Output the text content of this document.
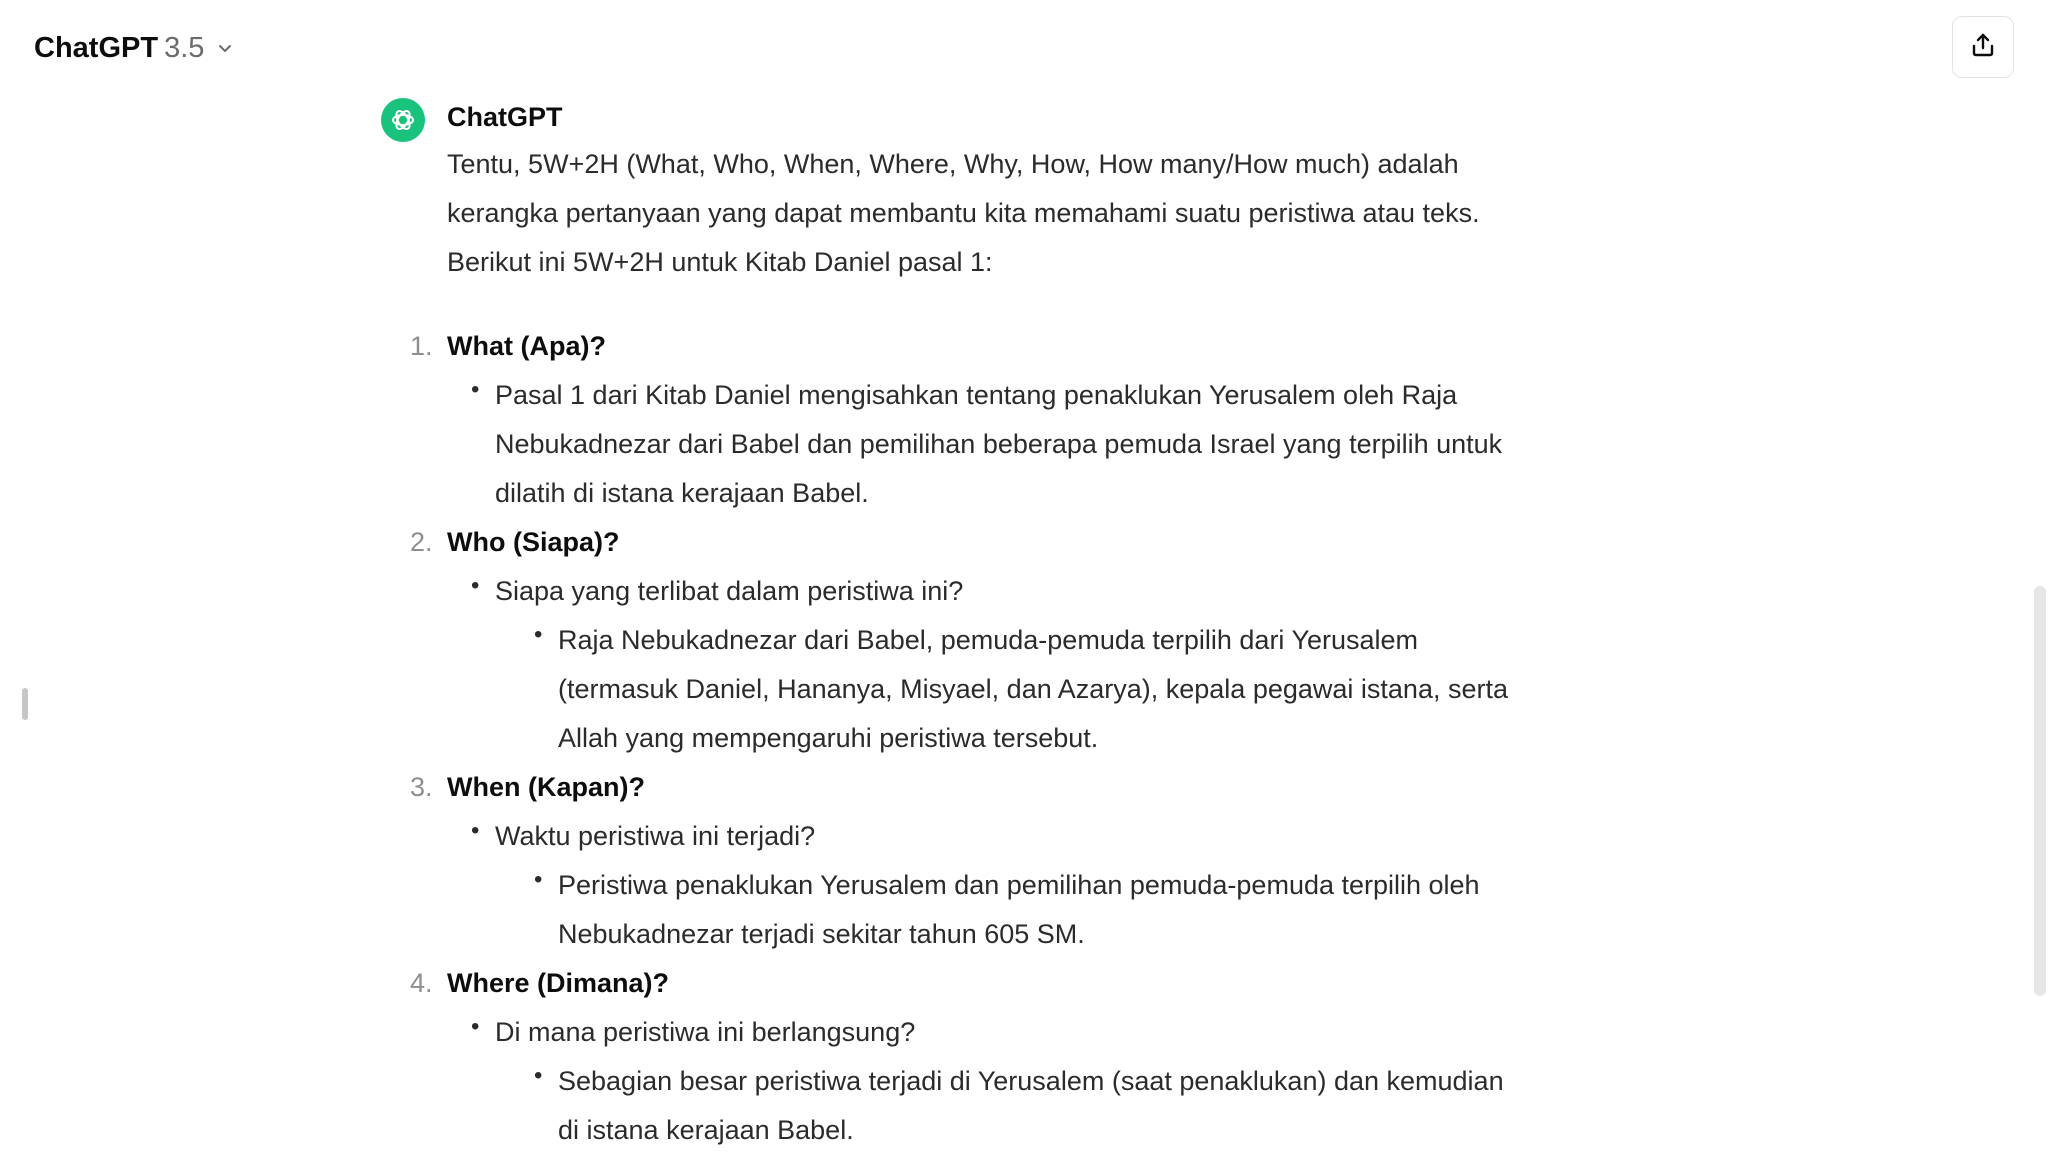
ChatGPT 3.5
ChatGPT

Tentu, 5W+2H (What, Who, When, Where, Why, How, How many/How much) adalah kerangka pertanyaan yang dapat membantu kita memahami suatu peristiwa atau teks. Berikut ini 5W+2H untuk Kitab Daniel pasal 1:

1. What (Apa)?
• Pasal 1 dari Kitab Daniel mengisahkan tentang penaklukan Yerusalem oleh Raja Nebukadnezar dari Babel dan pemilihan beberapa pemuda Israel yang terpilih untuk dilatih di istana kerajaan Babel.
2. Who (Siapa)?
• Siapa yang terlibat dalam peristiwa ini?
• Raja Nebukadnezar dari Babel, pemuda-pemuda terpilih dari Yerusalem (termasuk Daniel, Hananya, Misyael, dan Azarya), kepala pegawai istana, serta Allah yang mempengaruhi peristiwa tersebut.
3. When (Kapan)?
• Waktu peristiwa ini terjadi?
• Peristiwa penaklukan Yerusalem dan pemilihan pemuda-pemuda terpilih oleh Nebukadnezar terjadi sekitar tahun 605 SM.
4. Where (Dimana)?
• Di mana peristiwa ini berlangsung?
• Sebagian besar peristiwa terjadi di Yerusalem (saat penaklukan) dan kemudian di istana kerajaan Babel.
